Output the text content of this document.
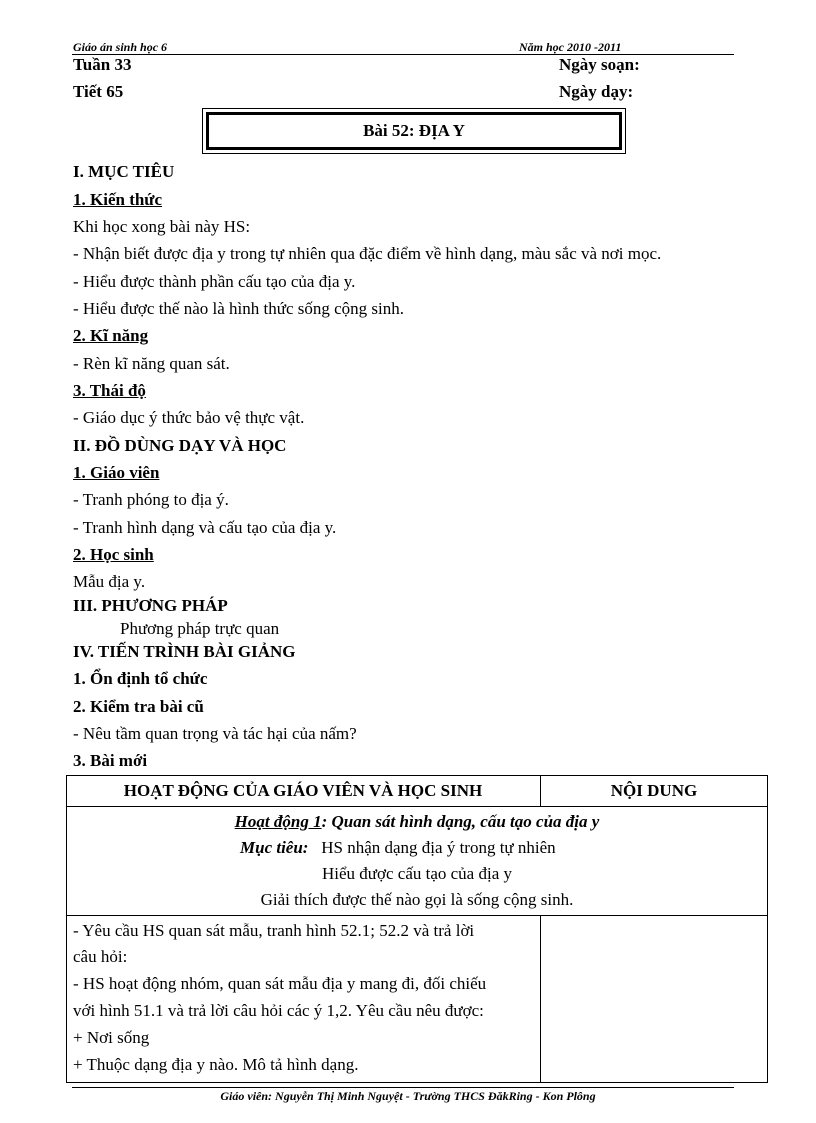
Giáo án sinh học 6	Năm học 2010 -2011
Tuần 33
Tiết 65
Ngày soạn:
Ngày dạy:
Bài 52: ĐỊA Y
I. MỤC TIÊU
1. Kiến thức
Khi học xong bài này HS:
- Nhận biết được địa y trong tự nhiên qua đặc điểm về hình dạng, màu sắc và nơi mọc.
- Hiểu được thành phần cấu tạo của địa y.
- Hiểu được thế nào là hình thức sống cộng sinh.
2. Kĩ năng
- Rèn kĩ năng quan sát.
3. Thái độ
- Giáo dục ý thức bảo vệ thực vật.
II. ĐỒ DÙNG DẠY VÀ HỌC
1. Giáo viên
- Tranh phóng to địa ý.
- Tranh hình dạng và cấu tạo của địa y.
2. Học sinh
Mẫu địa y.
III. PHƯƠNG PHÁP
Phương pháp trực quan
IV. TIẾN TRÌNH BÀI GIẢNG
1. Ổn định tổ chức
2. Kiểm tra bài cũ
- Nêu tầm quan trọng và tác hại của nấm?
3. Bài mới
HOẠT ĐỘNG CỦA GIÁO VIÊN VÀ HỌC SINH	NỘI DUNG
Hoạt động 1: Quan sát hình dạng, cấu tạo của địa y
Mục tiêu: HS nhận dạng địa ý trong tự nhiên
Hiểu được cấu tạo của địa y
Giải thích được thế nào gọi là sống cộng sinh.
- Yêu cầu HS quan sát mẫu, tranh hình 52.1; 52.2 và trả lời
câu hỏi:
- HS hoạt động nhóm, quan sát mẫu địa y mang đi, đối chiếu
với hình 51.1 và trả lời câu hỏi các ý 1,2. Yêu cầu nêu được:
+ Nơi sống
+ Thuộc dạng địa y nào. Mô tả hình dạng.
Giáo viên: Nguyễn Thị Minh Nguyệt - Trường THCS ĐăkRing - Kon Plông
